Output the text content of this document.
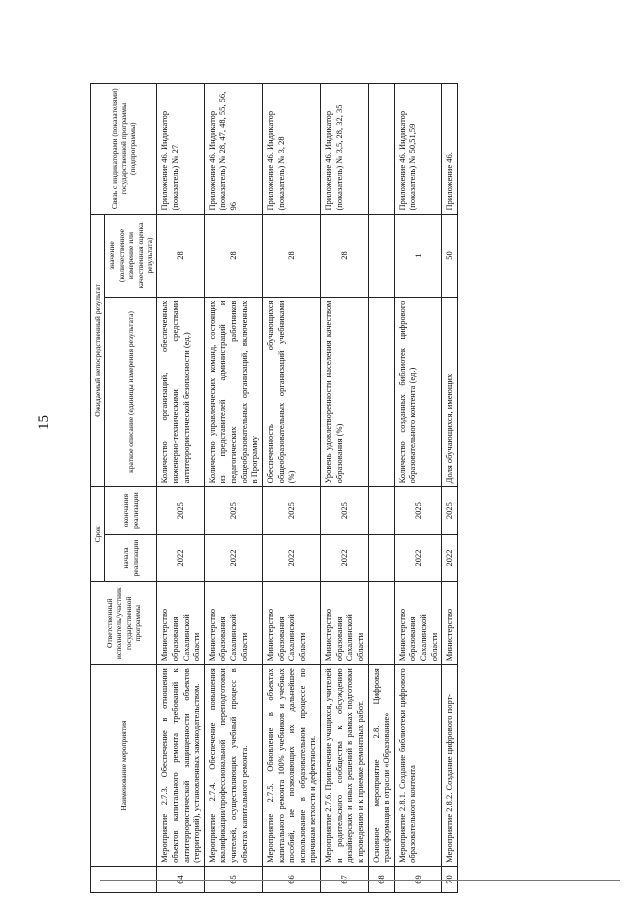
15
	Наименование мероприятия	Ответственный исполнитель/участник государственной программы	Срок		Ожидаемый непосредственный результат		Связь с индикаторами (показателями) государственной программы (подпрограммы)
			начала реализации	окончания реализации	краткое описание (единицы измерения результата)	значение (количественное измерение или качественная оценка результата)	
	Мероприятие 2.7.3. Обеспечение в отношении объектов капитального ремонта требований к антитеррористической защищенности объектов (территорий), установленных законодательством.	Министерство образования Сахалинской области	2022	2025	Количество организаций, обеспеченных инженерно-техническими средствами антитеррористической безопасности (ед.)	28	Приложение 46. Индикатор (показатель) № 27
	Мероприятие 2.7.4. Обеспечение повышения квалификации/профессиональной переподготовки учителей, осуществляющих учебный процесс в объектах капитального ремонта.	Министерство образования Сахалинской области	2022	2025	Количество управленческих команд, состоящих из представителей администраций и педагогических работников общеобразовательных организаций, включенных в Программу	28	Приложение 46. Индикатор (показатель) № 28, 47, 48, 55, 56, 96
	Мероприятие 2.7.5. Обновление в объектах капитального ремонта 100% учебников и учебных пособий, не позволяющих их дальнейшее использование в образовательном процессе по причинам ветхости и дефектности.	Министерство образования Сахалинской области	2022	2025	Обеспеченность обучающихся общеобразовательных организаций учебниками (%)	28	Приложение 46. Индикатор (показатель) № 3, 28
	Мероприятие 2.7.6. Привлечение учащихся, учителей и родительского сообщества к обсуждению дизайнерских и иных решений в рамках подготовки к проведению и к приемке ремонтных работ.	Министерство образования Сахалинской области	2022	2025	Уровень удовлетворенности населения качеством образования (%)	28	Приложение 46. Индикатор (показатель) № 3,5, 28, 32, 35
	Основное мероприятие 2.8. Цифровая трансформация в отрасли «Образование»						
	Мероприятие 2.8.1. Создание библиотеки цифрового образовательного контента	Министерство образования Сахалинской области	2022	2025	Количество созданных библиотек цифрового образовательного контента (ед.)	1	Приложение 46. Индикатор (показатель) № 50,51,59
	Мероприятие 2.8.2. Создание цифрового порт-	Министерство	2022	2025	Доля обучающихся, имеющих	50	Приложение 46.
